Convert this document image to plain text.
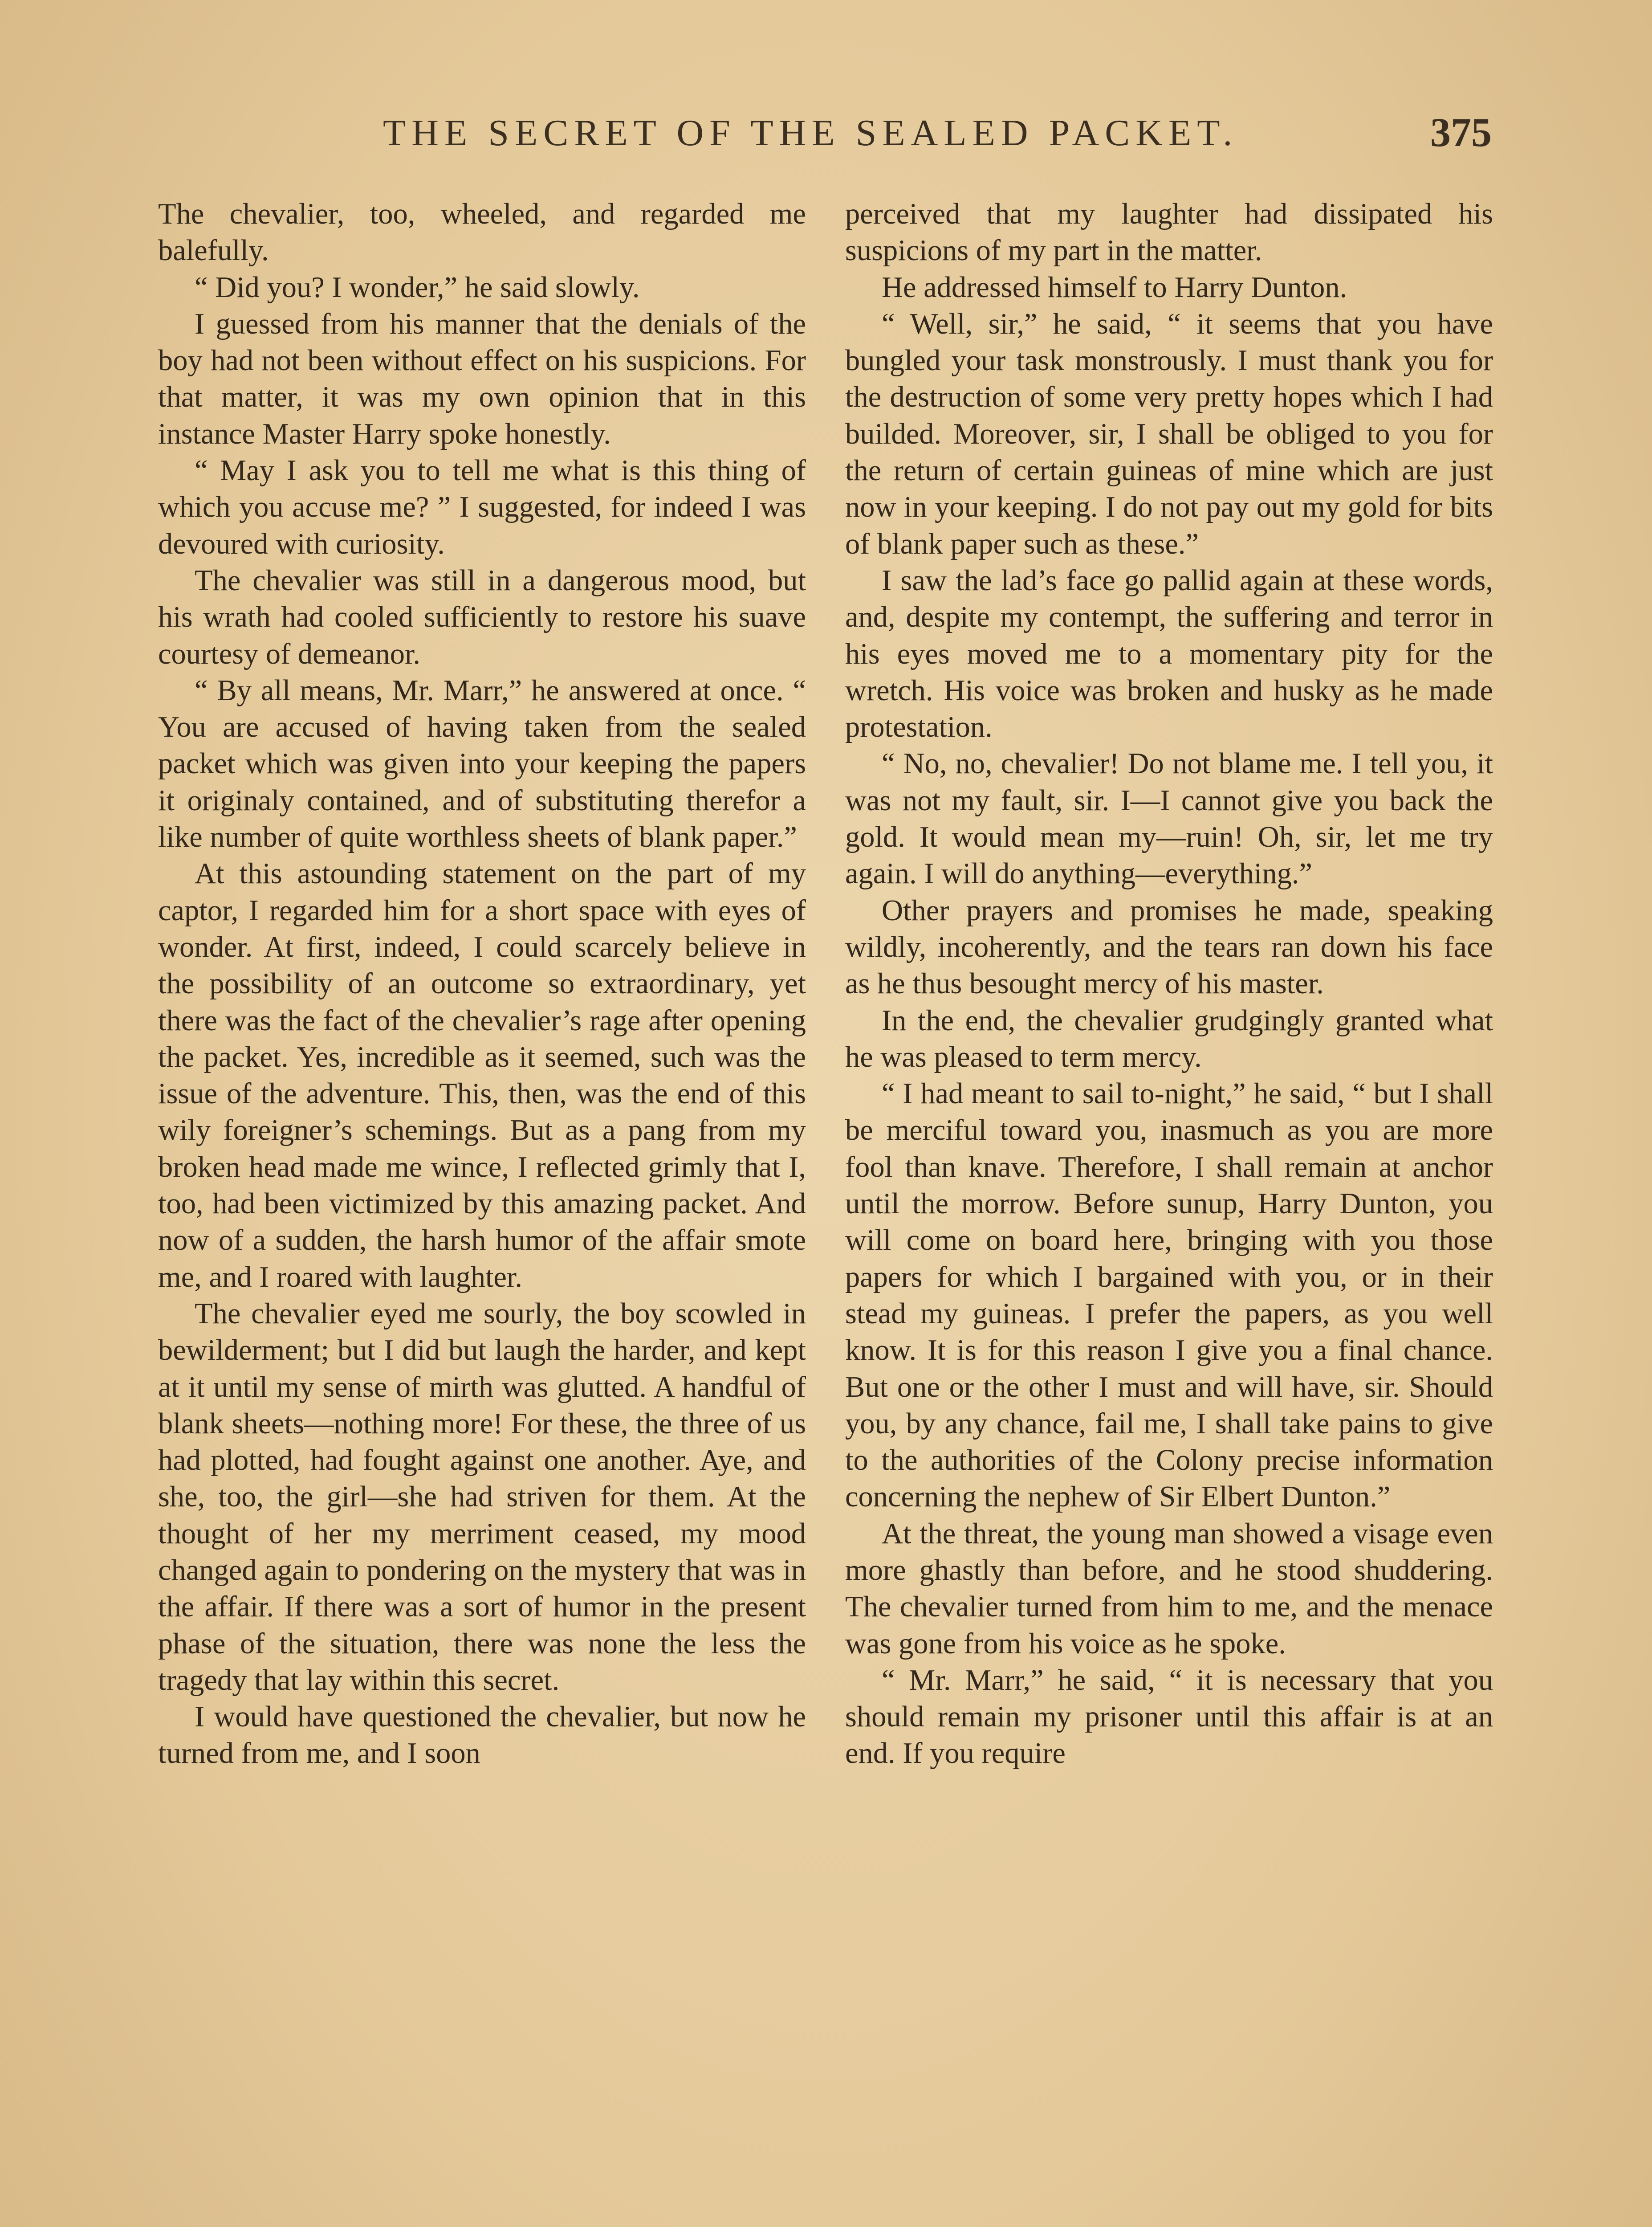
THE SECRET OF THE SEALED PACKET.	375

The chevalier, too, wheeled, and regarded me balefully.

“ Did you? I wonder,” he said slowly.

I guessed from his manner that the denials of the boy had not been without effect on his suspicions. For that matter, it was my own opinion that in this instance Master Harry spoke honestly.

“ May I ask you to tell me what is this thing of which you accuse me? ” I suggested, for indeed I was devoured with curiosity.

The chevalier was still in a dangerous mood, but his wrath had cooled sufficiently to restore his suave courtesy of demeanor.

“ By all means, Mr. Marr,” he answered at once. “ You are accused of having taken from the sealed packet which was given into your keeping the papers it originaly contained, and of substituting therefor a like number of quite worthless sheets of blank paper.”

At this astounding statement on the part of my captor, I regarded him for a short space with eyes of wonder. At first, indeed, I could scarcely believe in the possibility of an outcome so extraordinary, yet there was the fact of the chevalier’s rage after opening the packet. Yes, incredible as it seemed, such was the issue of the adventure. This, then, was the end of this wily foreigner’s schemings. But as a pang from my broken head made me wince, I reflected grimly that I, too, had been victimized by this amazing packet. And now of a sudden, the harsh humor of the affair smote me, and I roared with laughter.

The chevalier eyed me sourly, the boy scowled in bewilderment; but I did but laugh the harder, and kept at it until my sense of mirth was glutted. A handful of blank sheets—nothing more! For these, the three of us had plotted, had fought against one another. Aye, and she, too, the girl—she had striven for them. At the thought of her my merriment ceased, my mood changed again to pondering on the mystery that was in the affair. If there was a sort of humor in the present phase of the situation, there was none the less the tragedy that lay within this secret.

I would have questioned the chevalier, but now he turned from me, and I soon

perceived that my laughter had dissipated his suspicions of my part in the matter.

He addressed himself to Harry Dunton.

“ Well, sir,” he said, “ it seems that you have bungled your task monstrously. I must thank you for the destruction of some very pretty hopes which I had builded. Moreover, sir, I shall be obliged to you for the return of certain guineas of mine which are just now in your keeping. I do not pay out my gold for bits of blank paper such as these.”

I saw the lad’s face go pallid again at these words, and, despite my contempt, the suffering and terror in his eyes moved me to a momentary pity for the wretch. His voice was broken and husky as he made protestation.

“ No, no, chevalier! Do not blame me. I tell you, it was not my fault, sir. I—I cannot give you back the gold. It would mean my—ruin! Oh, sir, let me try again. I will do anything—everything.”

Other prayers and promises he made, speaking wildly, incoherently, and the tears ran down his face as he thus besought mercy of his master.

In the end, the chevalier grudgingly granted what he was pleased to term mercy.

“ I had meant to sail to-night,” he said, “ but I shall be merciful toward you, inasmuch as you are more fool than knave. Therefore, I shall remain at anchor until the morrow. Before sunup, Harry Dunton, you will come on board here, bringing with you those papers for which I bargained with you, or in their stead my guineas. I prefer the papers, as you well know. It is for this reason I give you a final chance. But one or the other I must and will have, sir. Should you, by any chance, fail me, I shall take pains to give to the authorities of the Colony precise information concerning the nephew of Sir Elbert Dunton.”

At the threat, the young man showed a visage even more ghastly than before, and he stood shuddering. The chevalier turned from him to me, and the menace was gone from his voice as he spoke.

“ Mr. Marr,” he said, “ it is necessary that you should remain my prisoner until this affair is at an end. If you require
